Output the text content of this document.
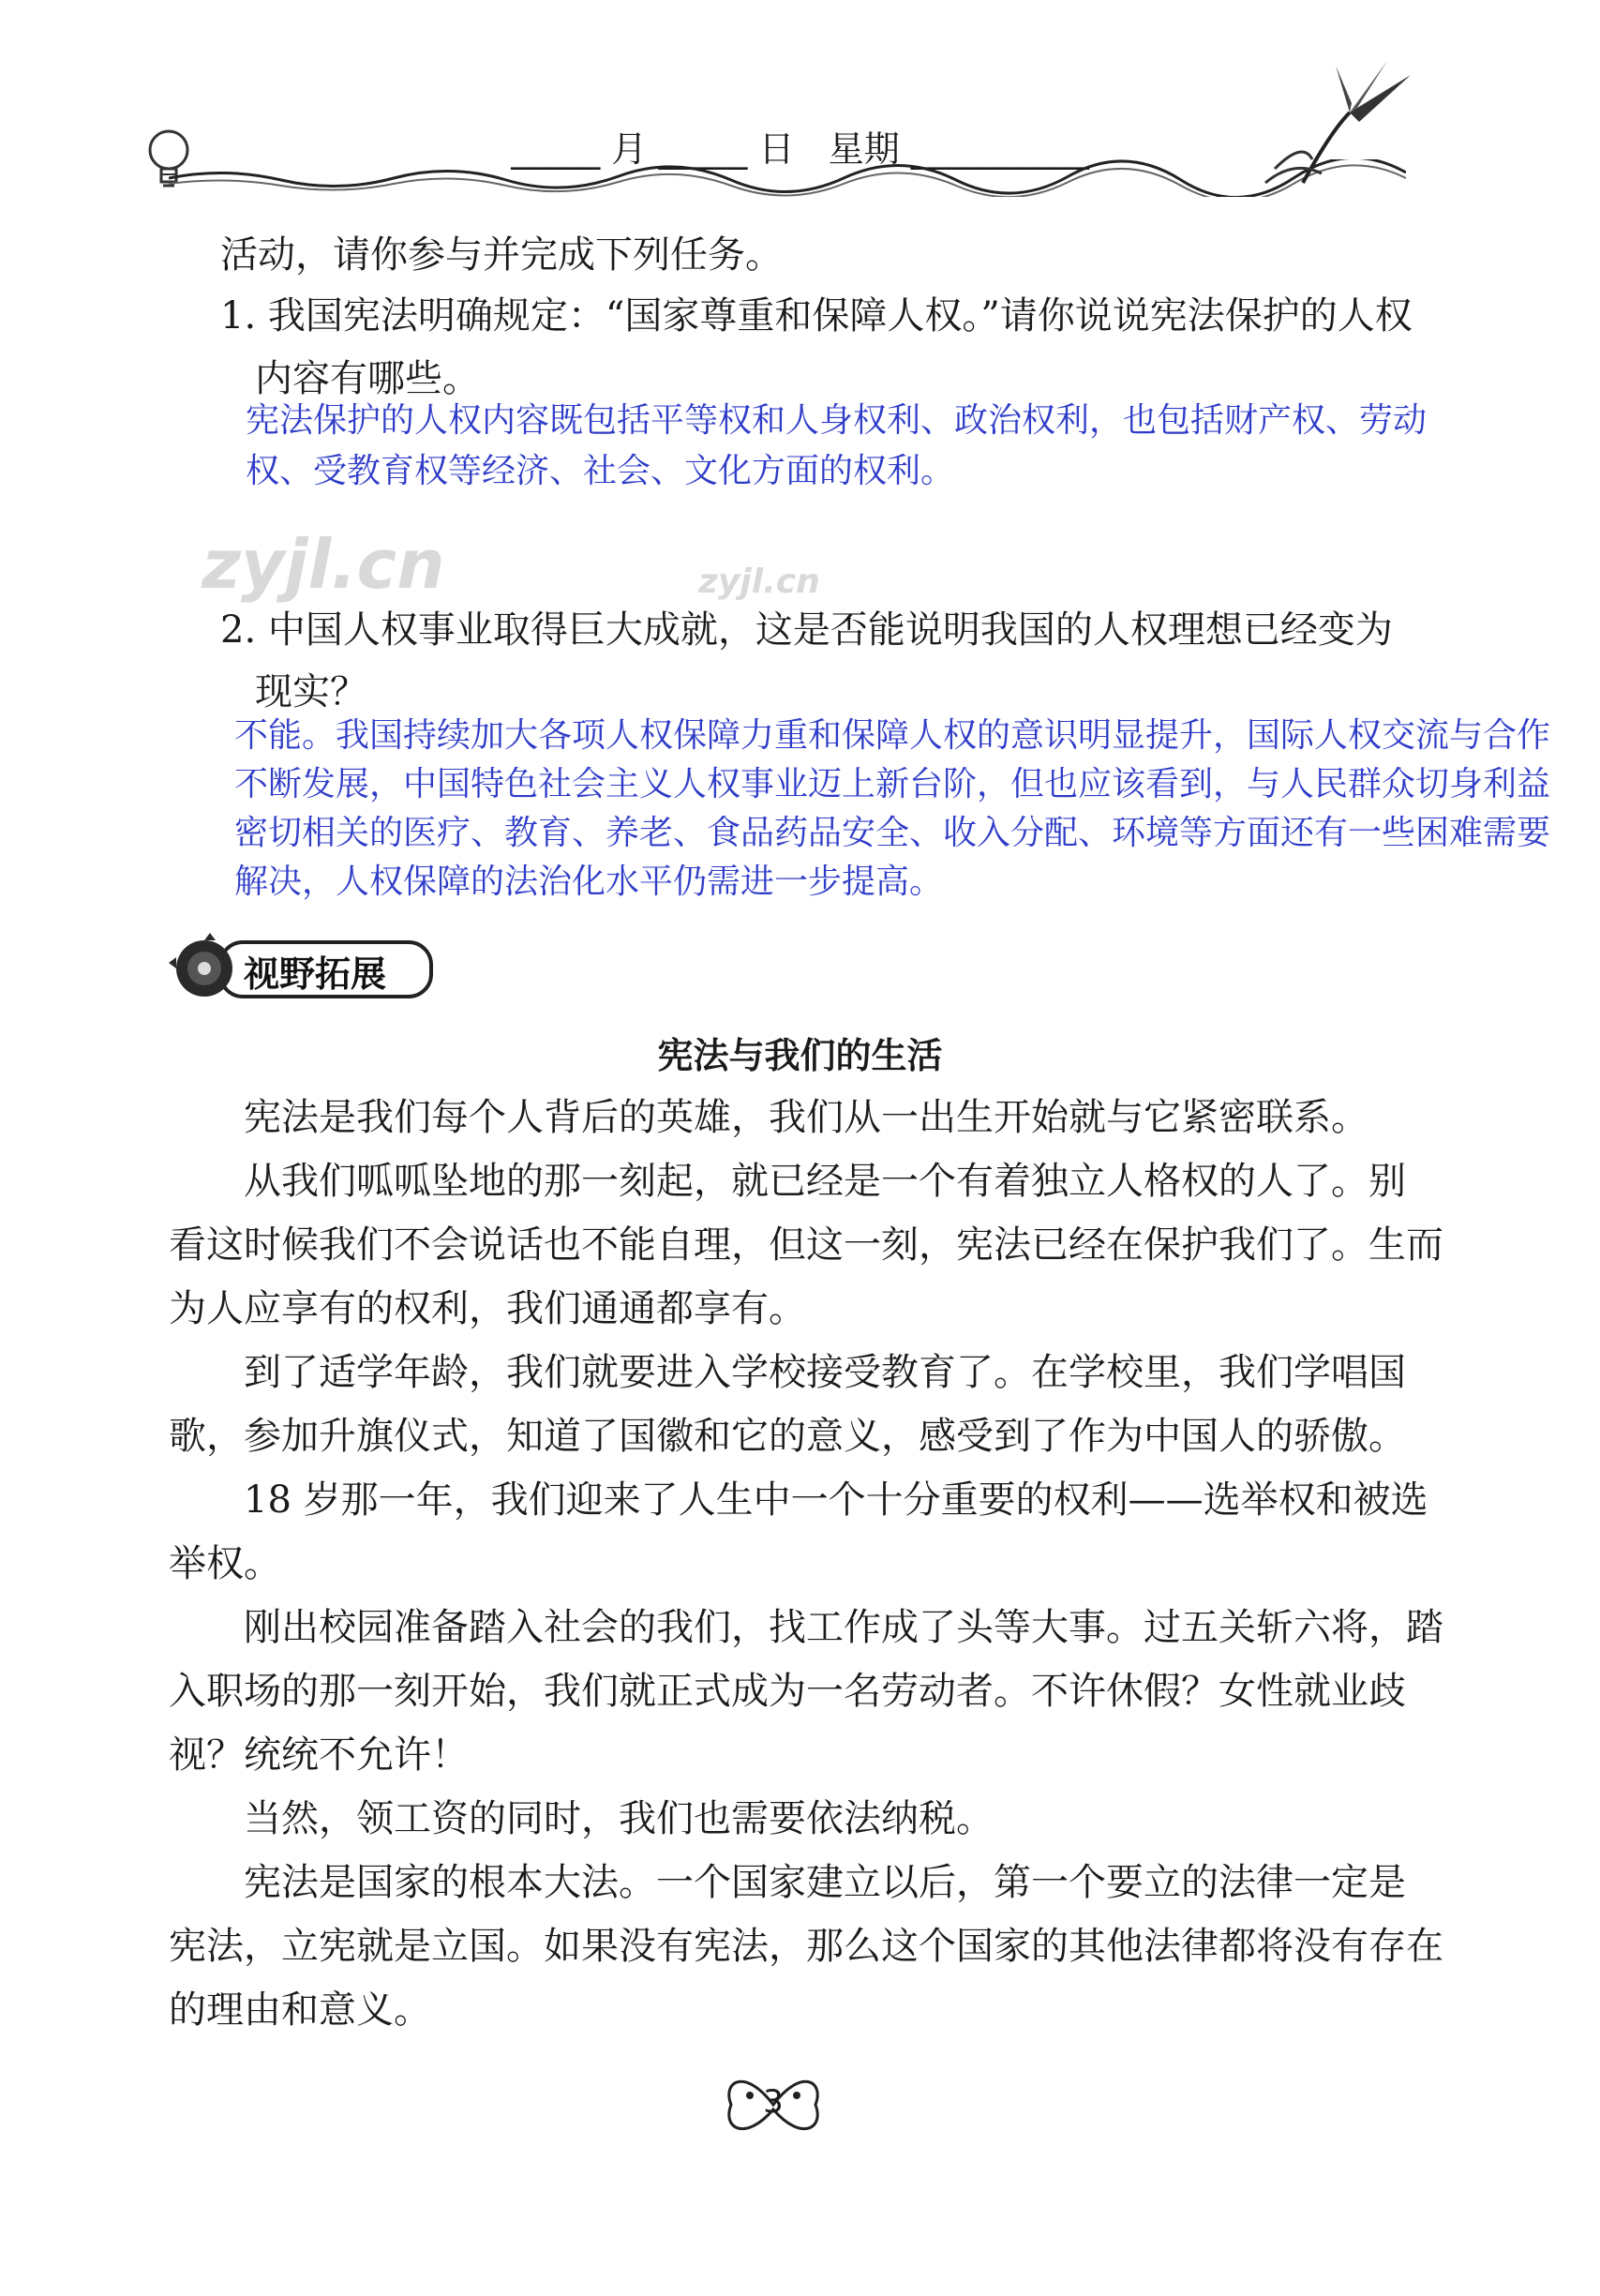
_____ 月 _____ 日   星期 __________
活动，请你参与并完成下列任务。
1. 我国宪法明确规定：“国家尊重和保障人权。”请你说说宪法保护的人权
内容有哪些。
宪法保护的人权内容既包括平等权和人身权利、政治权利，也包括财产权、劳动
权、受教育权等经济、社会、文化方面的权利。
zyjl.cn	zyjl.cn
2. 中国人权事业取得巨大成就，这是否能说明我国的人权理想已经变为
现实？
不能。我国持续加大各项人权保障力重和保障人权的意识明显提升，国际人权交流与合作
不断发展，中国特色社会主义人权事业迈上新台阶，但也应该看到，与人民群众切身利益
密切相关的医疗、教育、养老、食品药品安全、收入分配、环境等方面还有一些困难需要
解决，人权保障的法治化水平仍需进一步提高。
视野拓展
宪法与我们的生活
宪法是我们每个人背后的英雄，我们从一出生开始就与它紧密联系。
从我们呱呱坠地的那一刻起，就已经是一个有着独立人格权的人了。别
看这时候我们不会说话也不能自理，但这一刻，宪法已经在保护我们了。生而
为人应享有的权利，我们通通都享有。
到了适学年龄，我们就要进入学校接受教育了。在学校里，我们学唱国
歌，参加升旗仪式，知道了国徽和它的意义，感受到了作为中国人的骄傲。
18 岁那一年，我们迎来了人生中一个十分重要的权利——选举权和被选
举权。
刚出校园准备踏入社会的我们，找工作成了头等大事。过五关斩六将，踏
入职场的那一刻开始，我们就正式成为一名劳动者。不许休假？女性就业歧
视？统统不允许！
当然，领工资的同时，我们也需要依法纳税。
宪法是国家的根本大法。一个国家建立以后，第一个要立的法律一定是
宪法，立宪就是立国。如果没有宪法，那么这个国家的其他法律都将没有存在
的理由和意义。
3
